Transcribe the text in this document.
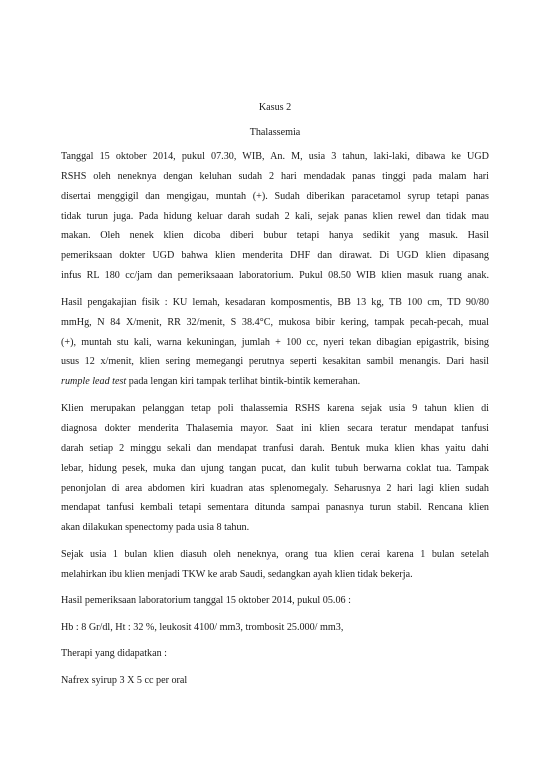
Kasus 2

Thalassemia

Tanggal 15 oktober 2014, pukul 07.30, WIB, An. M, usia 3 tahun, laki-laki, dibawa ke UGD
RSHS oleh neneknya dengan keluhan sudah 2 hari mendadak panas tinggi pada malam hari
disertai menggigil dan mengigau, muntah (+). Sudah diberikan paracetamol syrup tetapi panas
tidak turun juga. Pada hidung keluar darah sudah 2 kali, sejak panas klien rewel dan tidak mau
makan. Oleh nenek klien dicoba diberi bubur tetapi hanya sedikit yang masuk. Hasil
pemeriksaan dokter UGD bahwa klien menderita DHF dan dirawat. Di UGD klien dipasang
infus RL 180 cc/jam dan pemeriksaaan laboratorium. Pukul 08.50 WIB klien masuk ruang anak.

Hasil pengakajian fisik : KU lemah, kesadaran komposmentis, BB 13 kg, TB 100 cm, TD 90/80
mmHg, N 84 X/menit, RR 32/menit, S 38.4°C, mukosa bibir kering, tampak pecah-pecah, mual
(+), muntah stu kali, warna kekuningan, jumlah + 100 cc, nyeri tekan dibagian epigastrik, bising
usus 12 x/menit, klien sering memegangi perutnya seperti kesakitan sambil menangis. Dari hasil
rumple lead test pada lengan kiri tampak terlihat bintik-bintik kemerahan.

Klien merupakan pelanggan tetap poli thalassemia RSHS karena sejak usia 9 tahun klien di
diagnosa dokter menderita Thalasemia mayor. Saat ini klien secara teratur mendapat tanfusi
darah setiap 2 minggu sekali dan mendapat tranfusi darah. Bentuk muka klien khas yaitu dahi
lebar, hidung pesek, muka dan ujung tangan pucat, dan kulit tubuh berwarna coklat tua. Tampak
penonjolan di area abdomen kiri kuadran atas splenomegaly. Seharusnya 2 hari lagi klien sudah
mendapat tanfusi kembali tetapi sementara ditunda sampai panasnya turun stabil. Rencana klien
akan dilakukan spenectomy pada usia 8 tahun.

Sejak usia 1 bulan klien diasuh oleh neneknya, orang tua klien cerai karena 1 bulan setelah
melahirkan ibu klien menjadi TKW ke arab Saudi, sedangkan ayah klien tidak bekerja.

Hasil pemeriksaan laboratorium tanggal 15 oktober 2014, pukul 05.06 :

Hb : 8 Gr/dl, Ht : 32 %, leukosit 4100/ mm3, trombosit 25.000/ mm3,

Therapi yang didapatkan :

Nafrex syirup 3 X 5 cc per oral
